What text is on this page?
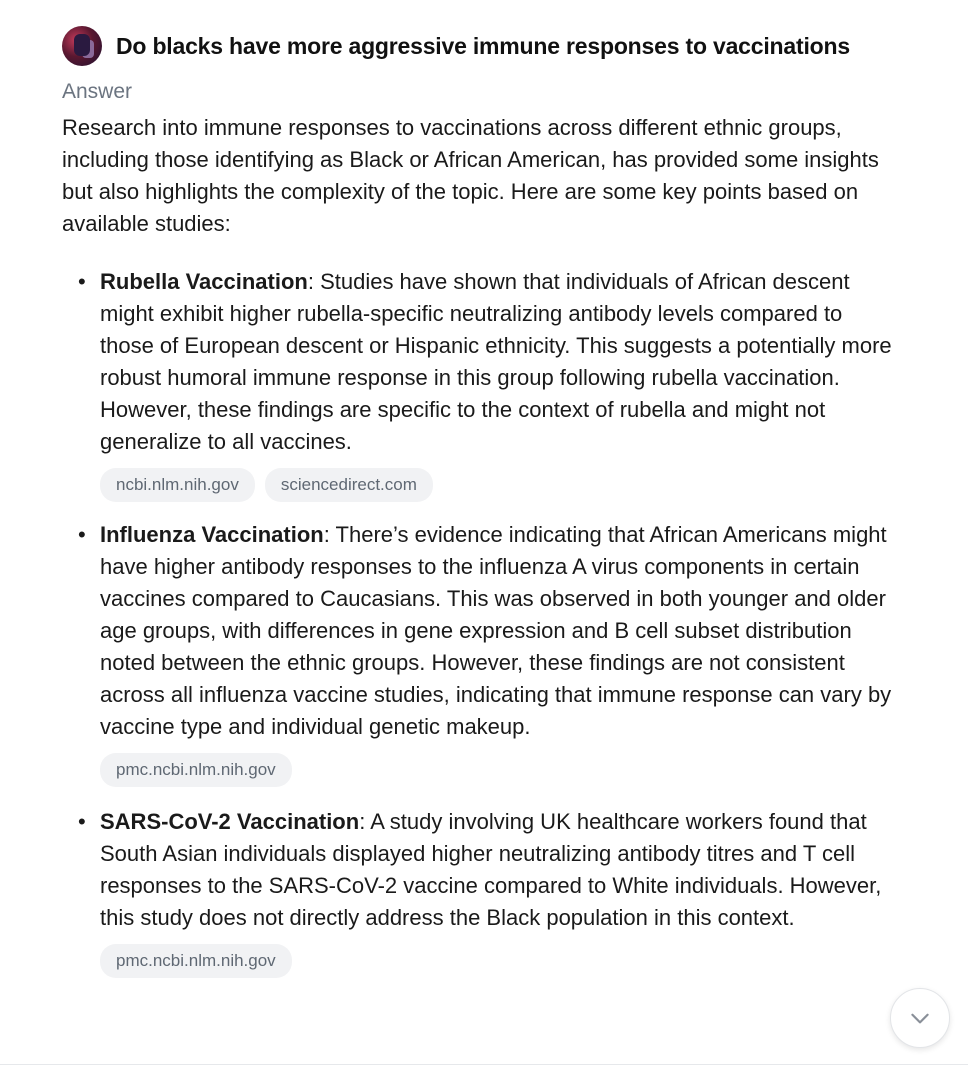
Do blacks have more aggressive immune responses to vaccinations
Answer

Research into immune responses to vaccinations across different ethnic groups, including those identifying as Black or African American, has provided some insights but also highlights the complexity of the topic. Here are some key points based on available studies:

• Rubella Vaccination: Studies have shown that individuals of African descent might exhibit higher rubella-specific neutralizing antibody levels compared to those of European descent or Hispanic ethnicity. This suggests a potentially more robust humoral immune response in this group following rubella vaccination. However, these findings are specific to the context of rubella and might not generalize to all vaccines.

ncbi.nlm.nih.gov	sciencedirect.com
• Influenza Vaccination: There’s evidence indicating that African Americans might have higher antibody responses to the influenza A virus components in certain vaccines compared to Caucasians. This was observed in both younger and older age groups, with differences in gene expression and B cell subset distribution noted between the ethnic groups. However, these findings are not consistent across all influenza vaccine studies, indicating that immune response can vary by vaccine type and individual genetic makeup.

pmc.ncbi.nlm.nih.gov
• SARS-CoV-2 Vaccination: A study involving UK healthcare workers found that South Asian individuals displayed higher neutralizing antibody titres and T cell responses to the SARS-CoV-2 vaccine compared to White individuals. However, this study does not directly address the Black population in this context.

pmc.ncbi.nlm.nih.gov
